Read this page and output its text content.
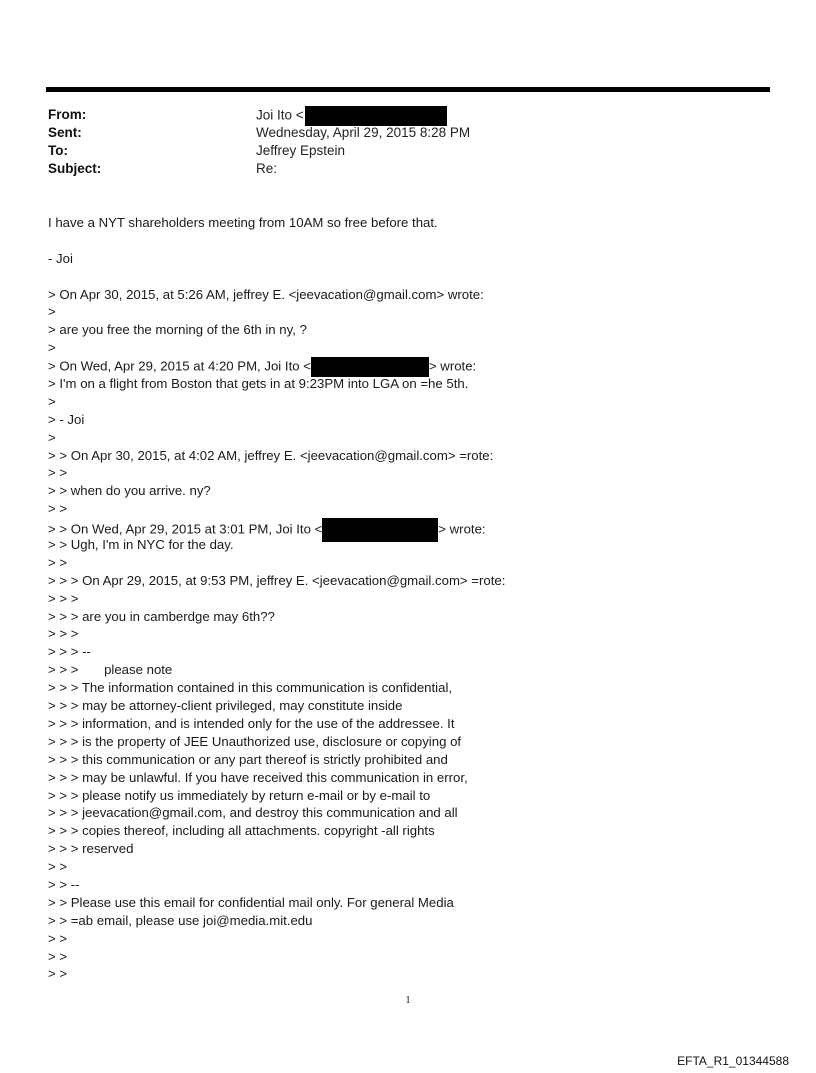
From:	Joi Ito <
Sent:	Wednesday, April 29, 2015 8:28 PM
To:	Jeffrey Epstein
Subject:	Re:
I have a NYT shareholders meeting from 10AM so free before that.
- Joi
> On Apr 30, 2015, at 5:26 AM, jeffrey E. <jeevacation@gmail.com> wrote:
>
> are you free the morning of the 6th in ny, ?
>
> On Wed, Apr 29, 2015 at 4:20 PM, Joi Ito <	> wrote:
> I'm on a flight from Boston that gets in at 9:23PM into LGA on =he 5th.
>
> - Joi
>
> > On Apr 30, 2015, at 4:02 AM, jeffrey E. <jeevacation@gmail.com> =rote:
> >
> > when do you arrive. ny?
> >
> > On Wed, Apr 29, 2015 at 3:01 PM, Joi Ito <	> wrote:
> > Ugh, I'm in NYC for the day.
> >
> > > On Apr 29, 2015, at 9:53 PM, jeffrey E. <jeevacation@gmail.com> =rote:
> > >
> > > are you in camberdge may 6th??
> > >
> > > --
> > >       please note
> > > The information contained in this communication is confidential,
> > > may be attorney-client privileged, may constitute inside
> > > information, and is intended only for the use of the addressee. It
> > > is the property of JEE Unauthorized use, disclosure or copying of
> > > this communication or any part thereof is strictly prohibited and
> > > may be unlawful. If you have received this communication in error,
> > > please notify us immediately by return e-mail or by e-mail to
> > > jeevacation@gmail.com, and destroy this communication and all
> > > copies thereof, including all attachments. copyright -all rights
> > > reserved
> >
> > --
> > Please use this email for confidential mail only. For general Media
> > =ab email, please use joi@media.mit.edu
> >
> >
> >
1
EFTA_R1_01344588
